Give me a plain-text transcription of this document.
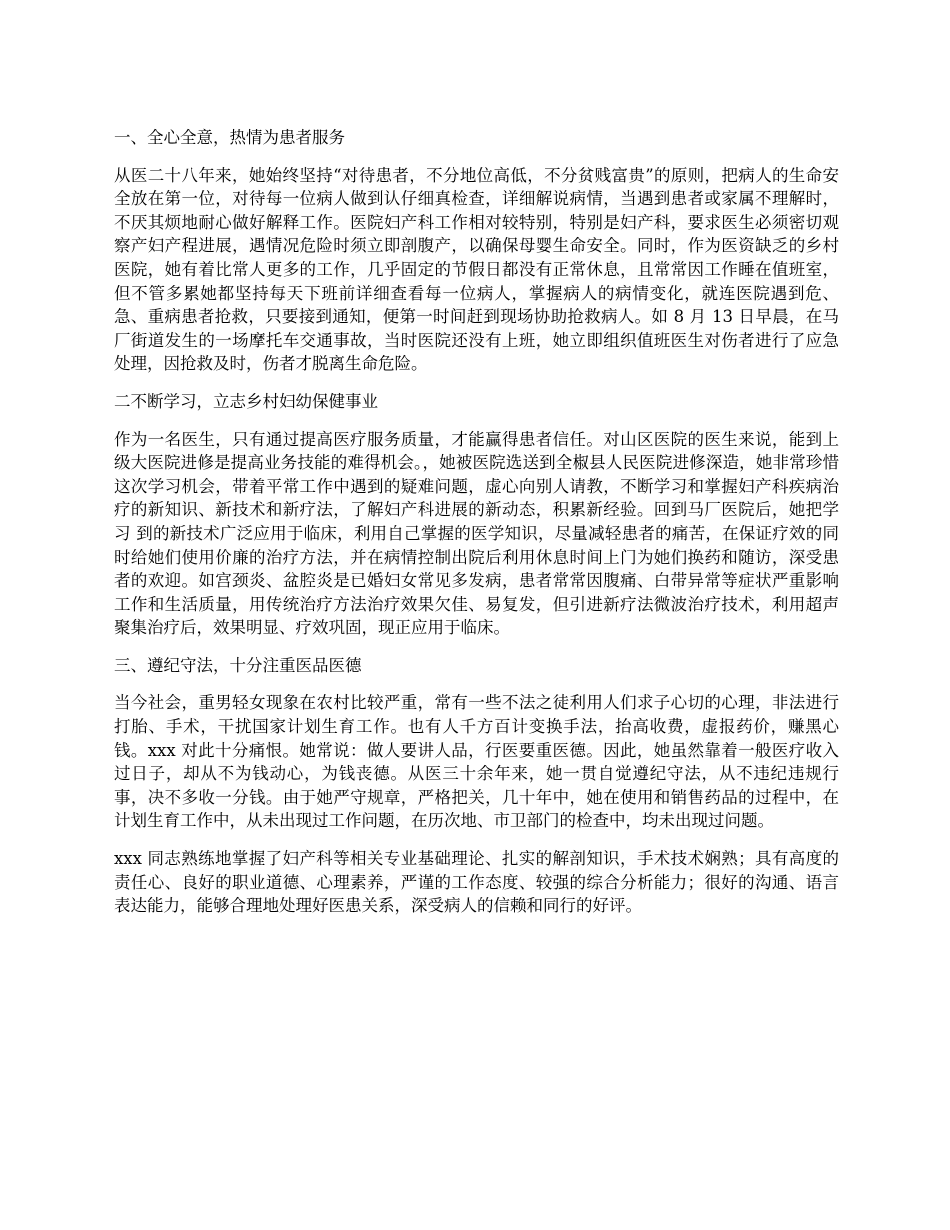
一、全心全意，热情为患者服务
从医二十八年来，她始终坚持“对待患者，不分地位高低，不分贫贱富贵”的原则，把病人的生命安全放在第一位，对待每一位病人做到认仔细真检查，详细解说病情，当遇到患者或家属不理解时，不厌其烦地耐心做好解释工作。医院妇产科工作相对较特别，特别是妇产科，要求医生必须密切观察产妇产程进展，遇情况危险时须立即剖腹产，以确保母婴生命安全。同时，作为医资缺乏的乡村医院，她有着比常人更多的工作，几乎固定的节假日都没有正常休息，且常常因工作睡在值班室，但不管多累她都坚持每天下班前详细查看每一位病人，掌握病人的病情变化，就连医院遇到危、急、重病患者抢救，只要接到通知，便第一时间赶到现场协助抢救病人。如 8 月 13 日早晨，在马厂街道发生的一场摩托车交通事故，当时医院还没有上班，她立即组织值班医生对伤者进行了应急处理，因抢救及时，伤者才脱离生命危险。
二不断学习，立志乡村妇幼保健事业
作为一名医生，只有通过提高医疗服务质量，才能赢得患者信任。对山区医院的医生来说，能到上级大医院进修是提高业务技能的难得机会。，她被医院选送到全椒县人民医院进修深造，她非常珍惜这次学习机会，带着平常工作中遇到的疑难问题，虚心向别人请教，不断学习和掌握妇产科疾病治疗的新知识、新技术和新疗法，了解妇产科进展的新动态，积累新经验。回到马厂医院后，她把学习 到的新技术广泛应用于临床，利用自己掌握的医学知识，尽量减轻患者的痛苦，在保证疗效的同时给她们使用价廉的治疗方法，并在病情控制出院后利用休息时间上门为她们换药和随访，深受患者的欢迎。如宫颈炎、盆腔炎是已婚妇女常见多发病，患者常常因腹痛、白带异常等症状严重影响工作和生活质量，用传统治疗方法治疗效果欠佳、易复发，但引进新疗法微波治疗技术，利用超声聚集治疗后，效果明显、疗效巩固，现正应用于临床。
三、遵纪守法，十分注重医品医德
当今社会，重男轻女现象在农村比较严重，常有一些不法之徒利用人们求子心切的心理，非法进行打胎、手术，干扰国家计划生育工作。也有人千方百计变换手法，抬高收费，虚报药价，赚黑心钱。xxx 对此十分痛恨。她常说：做人要讲人品，行医要重医德。因此，她虽然靠着一般医疗收入过日子，却从不为钱动心，为钱丧德。从医三十余年来，她一贯自觉遵纪守法，从不违纪违规行事，决不多收一分钱。由于她严守规章，严格把关，几十年中，她在使用和销售药品的过程中，在计划生育工作中，从未出现过工作问题，在历次地、市卫部门的检查中，均未出现过问题。
xxx 同志熟练地掌握了妇产科等相关专业基础理论、扎实的解剖知识，手术技术娴熟；具有高度的责任心、良好的职业道德、心理素养，严谨的工作态度、较强的综合分析能力；很好的沟通、语言表达能力，能够合理地处理好医患关系，深受病人的信赖和同行的好评。
